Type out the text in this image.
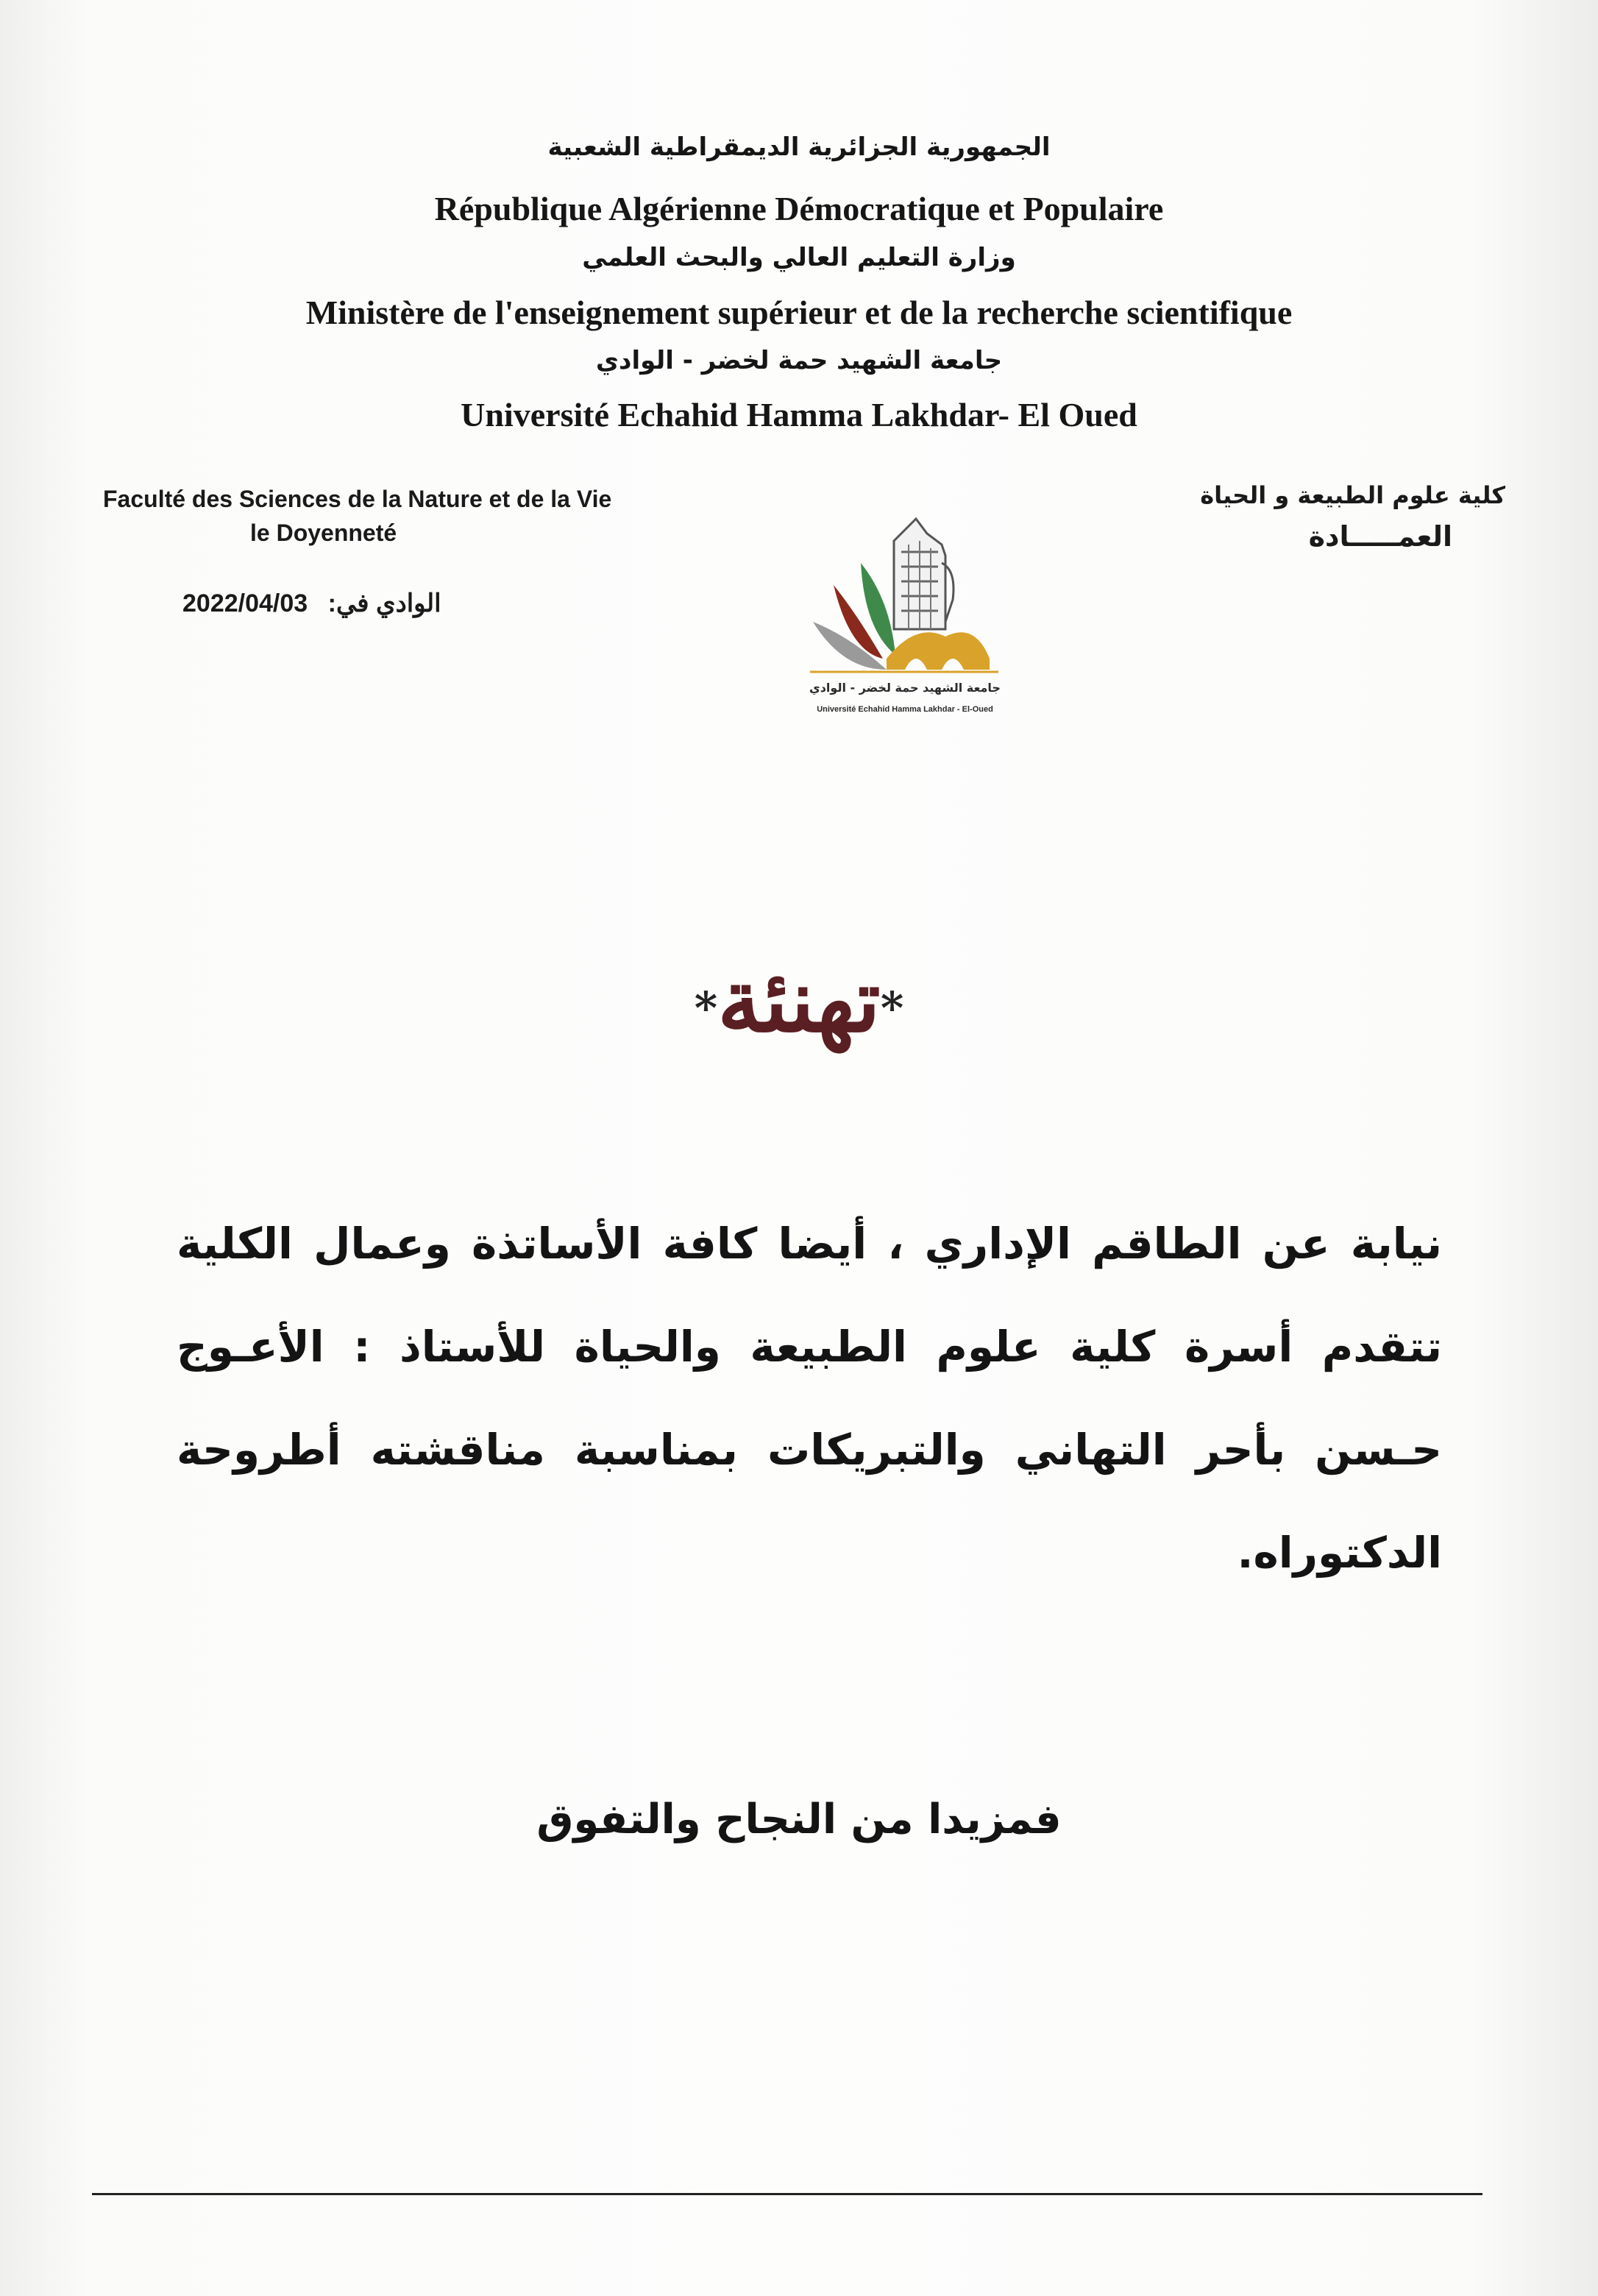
الجمهورية الجزائرية الديمقراطية الشعبية
République Algérienne Démocratique et Populaire
وزارة التعليم العالي والبحث العلمي
Ministère de l'enseignement supérieur et de la recherche scientifique
جامعة الشهيد حمة لخضر - الوادي
Université Echahid Hamma Lakhdar- El Oued
Faculté des Sciences de la Nature et de la Vie
le Doyenneté
2022/04/03 الوادي في:
كلية علوم الطبيعة و الحياة
العمـــــادة
جامعة الشهيد حمة لخضر - الوادي
Université Echahid Hamma Lakhdar - El-Oued
*تهنئة*
نيابة عن الطاقم الإداري ، أيضا كافة الأساتذة وعمال الكلية تتقدم أسرة كلية علوم الطبيعة والحياة للأستاذ : الأعـوج حـسن بأحر التهاني والتبريكات بمناسبة مناقشته أطروحة الدكتوراه.
فمزيدا من النجاح والتفوق
